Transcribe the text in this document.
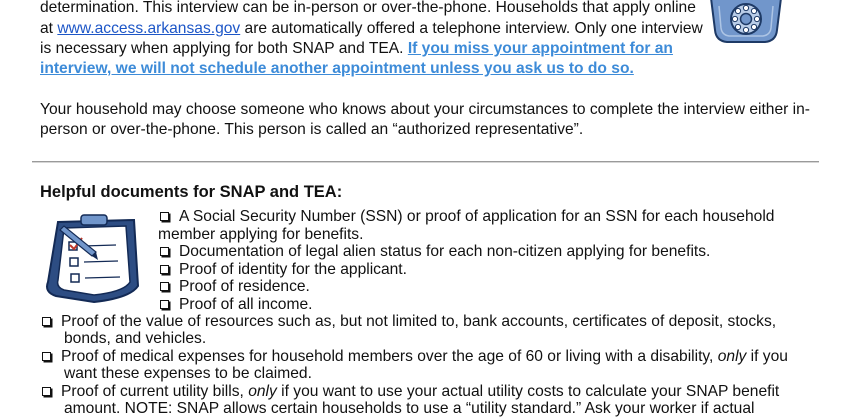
determination. This interview can be in-person or over-the-phone. Households that apply online
at www.access.arkansas.gov are automatically offered a telephone interview. Only one interview
is necessary when applying for both SNAP and TEA. If you miss your appointment for an
interview, we will not schedule another appointment unless you ask us to do so.
Your household may choose someone who knows about your circumstances to complete the interview either in-
person or over-the-phone. This person is called an “authorized representative”.
Helpful documents for SNAP and TEA:
A Social Security Number (SSN) or proof of application for an SSN for each household
member applying for benefits.
Documentation of legal alien status for each non-citizen applying for benefits.
Proof of identity for the applicant.
Proof of residence.
Proof of all income.
Proof of the value of resources such as, but not limited to, bank accounts, certificates of deposit, stocks,
bonds, and vehicles.
Proof of medical expenses for household members over the age of 60 or living with a disability, only if you
want these expenses to be claimed.
Proof of current utility bills, only if you want to use your actual utility costs to calculate your SNAP benefit
amount. NOTE: SNAP allows certain households to use a “utility standard.” Ask your worker if actual
